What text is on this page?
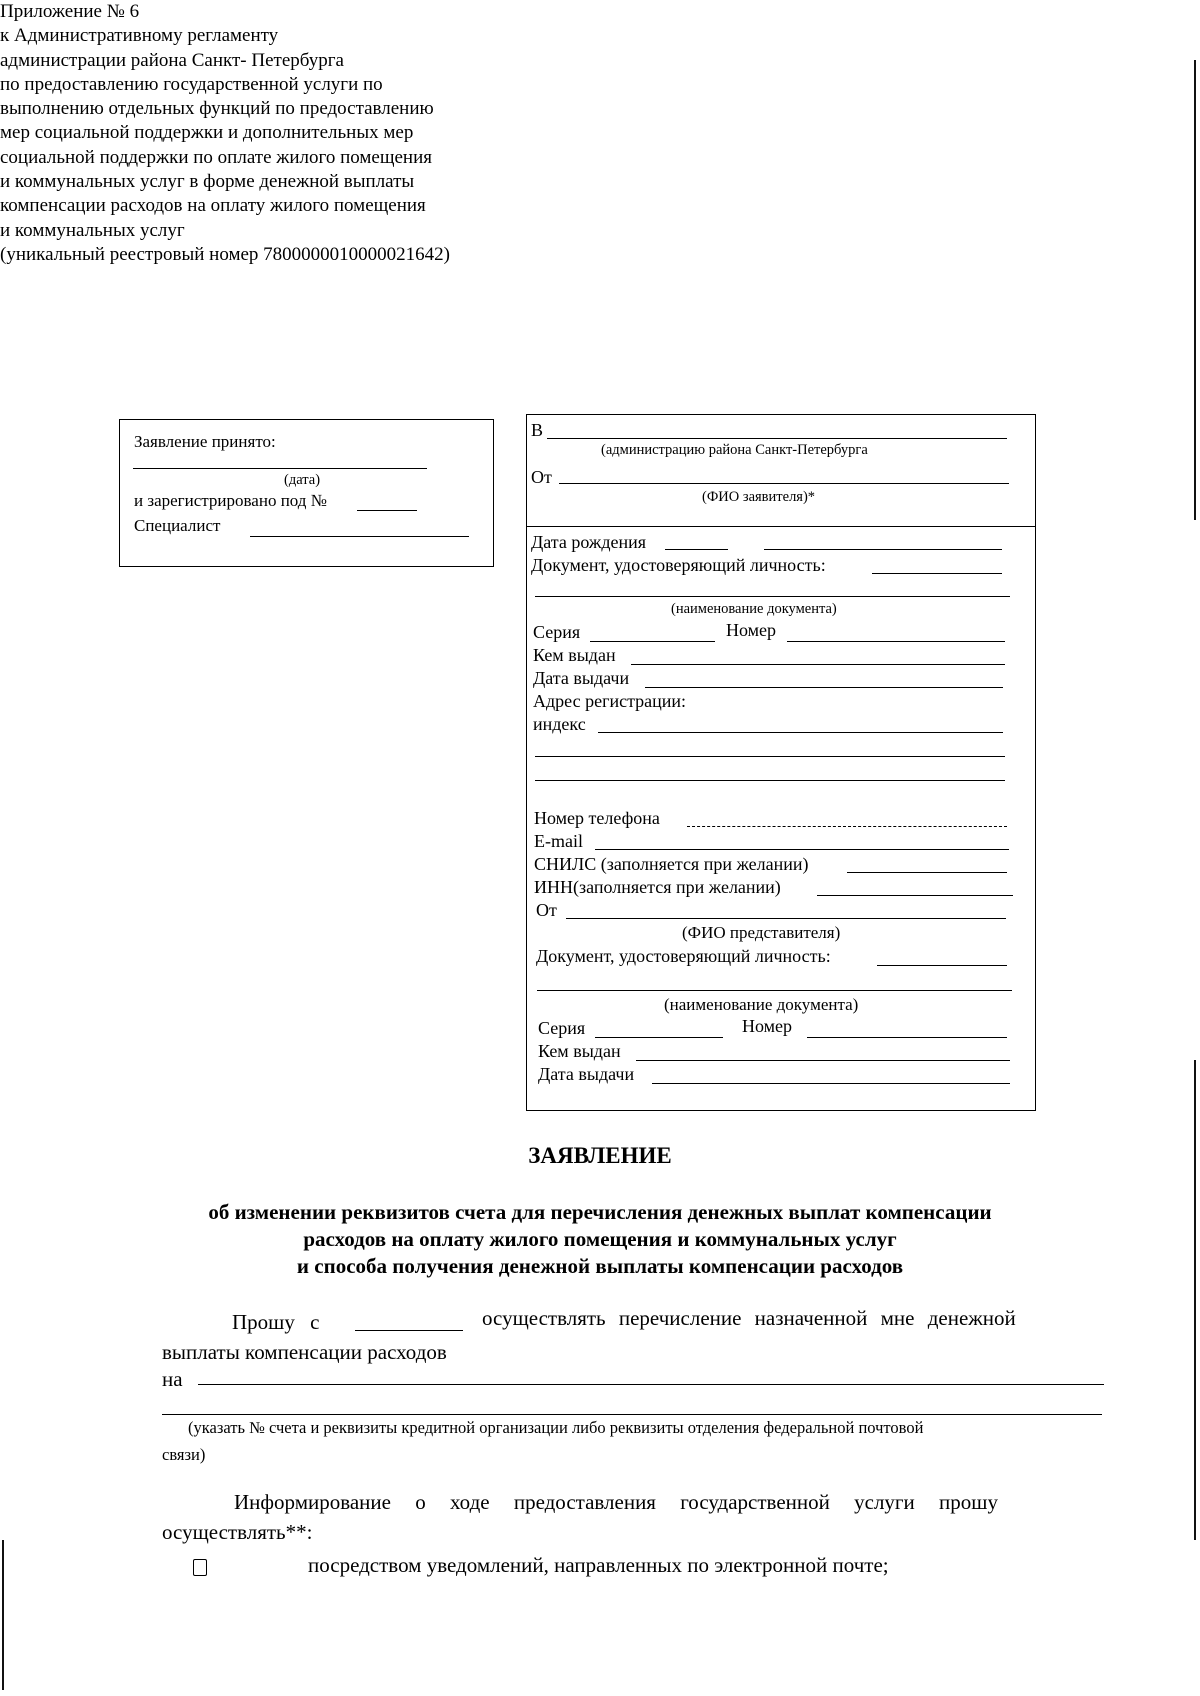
Приложение № 6
к Административному регламенту
администрации района Санкт- Петербурга
по предоставлению государственной услуги по
выполнению отдельных функций по предоставлению
мер социальной поддержки и дополнительных мер
социальной поддержки по оплате жилого помещения
и коммунальных услуг в форме денежной выплаты
компенсации расходов на оплату жилого помещения
и коммунальных услуг
(уникальный реестровый номер 7800000010000021642)
Заявление принято:
(дата)
и зарегистрировано под №
Специалист
В
(администрацию района Санкт-Петербурга
От
(ФИО заявителя)*
Дата рождения
Документ, удостоверяющий личность:
(наименование документа)
Серия	Номер
Кем выдан
Дата выдачи
Адрес регистрации:
индекс
Номер телефона
E-mail
СНИЛС (заполняется при желании)
ИНН(заполняется при желании)
От
(ФИО представителя)
Документ, удостоверяющий личность:
(наименование документа)
Серия	Номер
Кем выдан
Дата выдачи
ЗАЯВЛЕНИЕ
об изменении реквизитов счета для перечисления денежных выплат компенсации
расходов на оплату жилого помещения и коммунальных услуг
и способа получения денежной выплаты компенсации расходов
Прошу с	осуществлять перечисление назначенной мне денежной
выплаты компенсации расходов
на
(указать № счета и реквизиты кредитной организации либо реквизиты отделения федеральной почтовой
связи)
Информирование о ходе предоставления государственной услуги прошу
осуществлять**:
посредством уведомлений, направленных по электронной почте;
